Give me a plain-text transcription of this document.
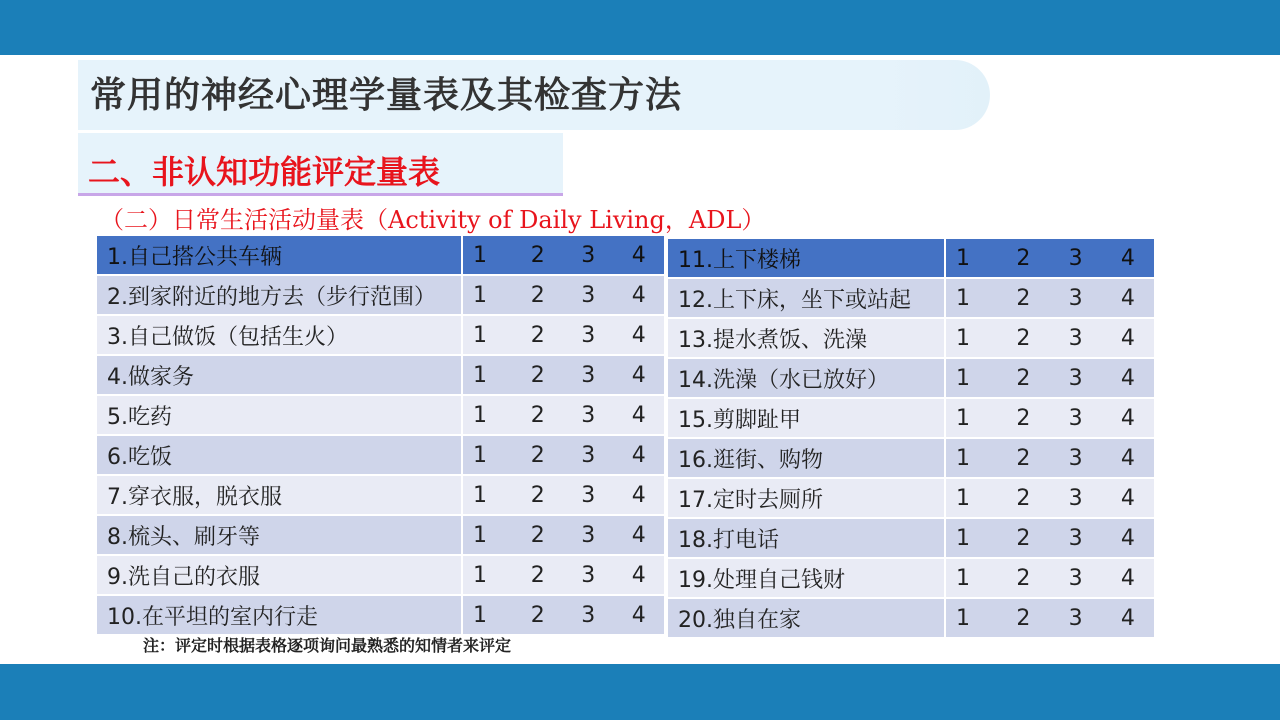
常用的神经心理学量表及其检查方法
二、非认知功能评定量表
（二）日常生活活动量表（Activity of Daily Living，ADL）
1.自己搭公共车辆	1	2	3	4
2.到家附近的地方去（步行范围）	1	2	3	4
3.自己做饭（包括生火）	1	2	3	4
4.做家务	1	2	3	4
5.吃药	1	2	3	4
6.吃饭	1	2	3	4
7.穿衣服，脱衣服	1	2	3	4
8.梳头、刷牙等	1	2	3	4
9.洗自己的衣服	1	2	3	4
10.在平坦的室内行走	1	2	3	4
11.上下楼梯	1	2	3	4
12.上下床，坐下或站起	1	2	3	4
13.提水煮饭、洗澡	1	2	3	4
14.洗澡（水已放好）	1	2	3	4
15.剪脚趾甲	1	2	3	4
16.逛街、购物	1	2	3	4
17.定时去厕所	1	2	3	4
18.打电话	1	2	3	4
19.处理自己钱财	1	2	3	4
20.独自在家	1	2	3	4
注：评定时根据表格逐项询问最熟悉的知情者来评定
